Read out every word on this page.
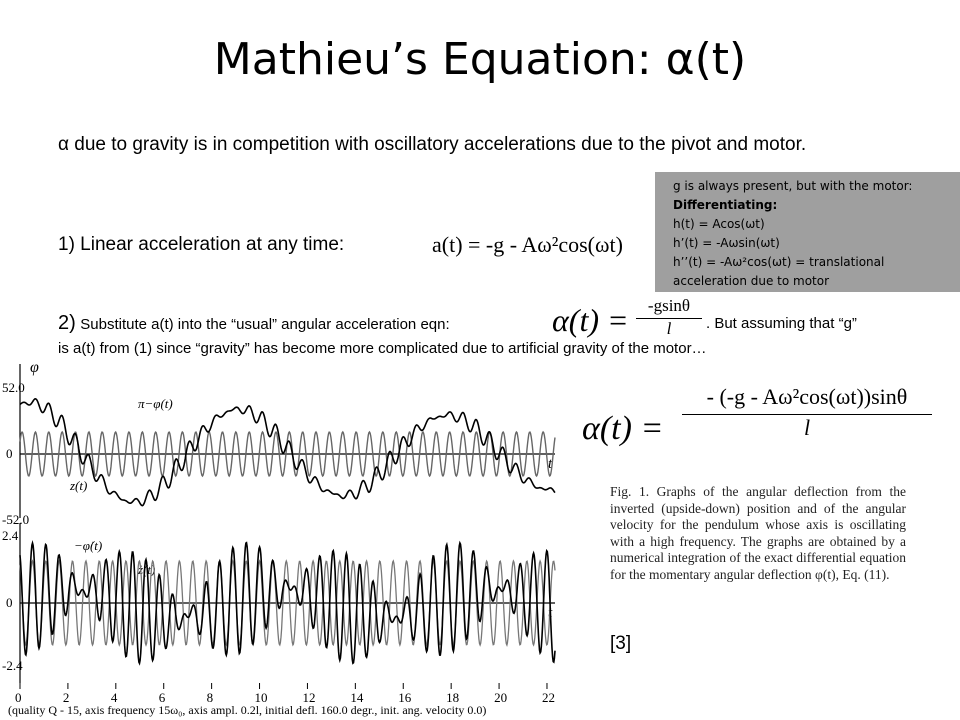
Mathieu’s Equation: α(t)
α due to gravity is in competition with oscillatory accelerations due to the pivot and motor.
1) Linear acceleration at any time:	a(t) = -g - Aω²cos(ωt)
2) Substitute a(t) into the “usual” angular acceleration eqn:	$\alpha(t) = \frac{-gsin\theta}{l}$ . But assuming that “g”
is a(t) from (1) since “gravity” has become more complicated due to artificial gravity of the motor…
g is always present, but with the motor:
Differentiating:
h(t) = Acos(ωt)
h’(t) = -Aωsin(ωt)
h’’(t) = -Aω²cos(ωt) = translational acceleration due to motor
$\alpha(t) = \frac{\text{- (-g - Aω²cos(ωt))sinθ}}{l}$
Fig. 1. Graphs of the angular deflection from the inverted (upside-down) position and of the angular velocity for the pendulum whose axis is oscillating with a high frequency. The graphs are obtained by a numerical integration of the exact differential equation for the momentary angular deflection φ(t), Eq. (11).
[3]
φ
52.0
0
-52.0
t
π−φ(t)
z(t)
2.4
0
-2.4
t
−φ̇(t)
ż(t)
0	2	4	6	8	10	12	14	16	18	20	22
(quality Q - 15, axis frequency 15ω₀, axis ampl. 0.2l, initial defl. 160.0 degr., init. ang. velocity 0.0)
